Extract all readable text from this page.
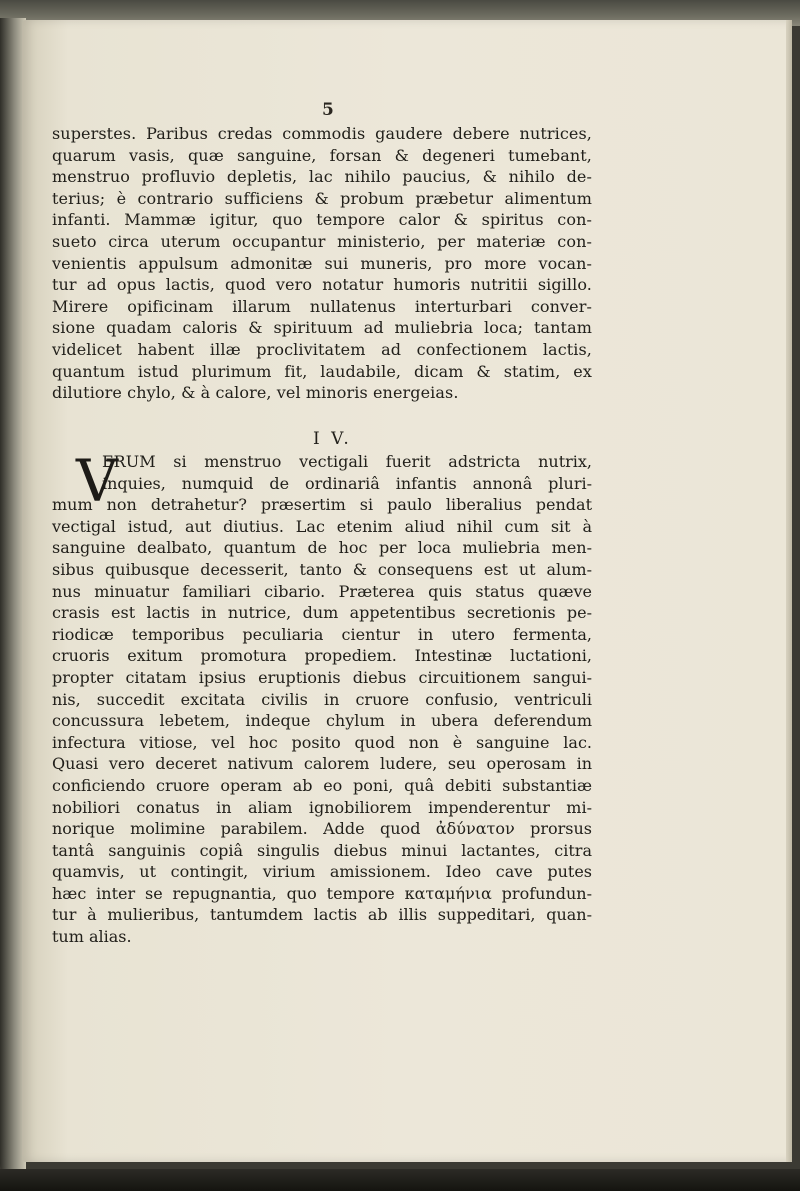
5
superstes. Paribus credas commodis gaudere debere nutrices,
quarum vasis, quæ sanguine, forsan & degeneri tumebant,
menstruo profluvio depletis, lac nihilo paucius, & nihilo de-
terius; è contrario sufficiens & probum præbetur alimentum
infanti. Mammæ igitur, quo tempore calor & spiritus con-
sueto circa uterum occupantur ministerio, per materiæ con-
venientis appulsum admonitæ sui muneris, pro more vocan-
tur ad opus lactis, quod vero notatur humoris nutritii sigillo.
Mirere opificinam illarum nullatenus interturbari conver-
sione quadam caloris & spirituum ad muliebria loca; tantam
videlicet habent illæ proclivitatem ad confectionem lactis,
quantum istud plurimum fit, laudabile, dicam & statim, ex
dilutiore chylo, & à calore, vel minoris energeias.
I V.
V
ERUM si menstruo vectigali fuerit adstricta nutrix,
inquies, numquid de ordinariâ infantis annonâ pluri-
mum non detrahetur? præsertim si paulo liberalius pendat
vectigal istud, aut diutius. Lac etenim aliud nihil cum sit à
sanguine dealbato, quantum de hoc per loca muliebria men-
sibus quibusque decesserit, tanto & consequens est ut alum-
nus minuatur familiari cibario. Præterea quis status quæve
crasis est lactis in nutrice, dum appetentibus secretionis pe-
riodicæ temporibus peculiaria cientur in utero fermenta,
cruoris exitum promotura propediem. Intestinæ luctationi,
propter citatam ipsius eruptionis diebus circuitionem sangui-
nis, succedit excitata civilis in cruore confusio, ventriculi
concussura lebetem, indeque chylum in ubera deferendum
infectura vitiose, vel hoc posito quod non è sanguine lac.
Quasi vero deceret nativum calorem ludere, seu operosam in
conficiendo cruore operam ab eo poni, quâ debiti substantiæ
nobiliori conatus in aliam ignobiliorem impenderentur mi-
norique molimine parabilem. Adde quod ἀδύνατον prorsus
tantâ sanguinis copiâ singulis diebus minui lactantes, citra
quamvis, ut contingit, virium amissionem. Ideo cave putes
hæc inter se repugnantia, quo tempore καταμήνια profundun-
tur à mulieribus, tantumdem lactis ab illis suppeditari, quan-
tum alias.
